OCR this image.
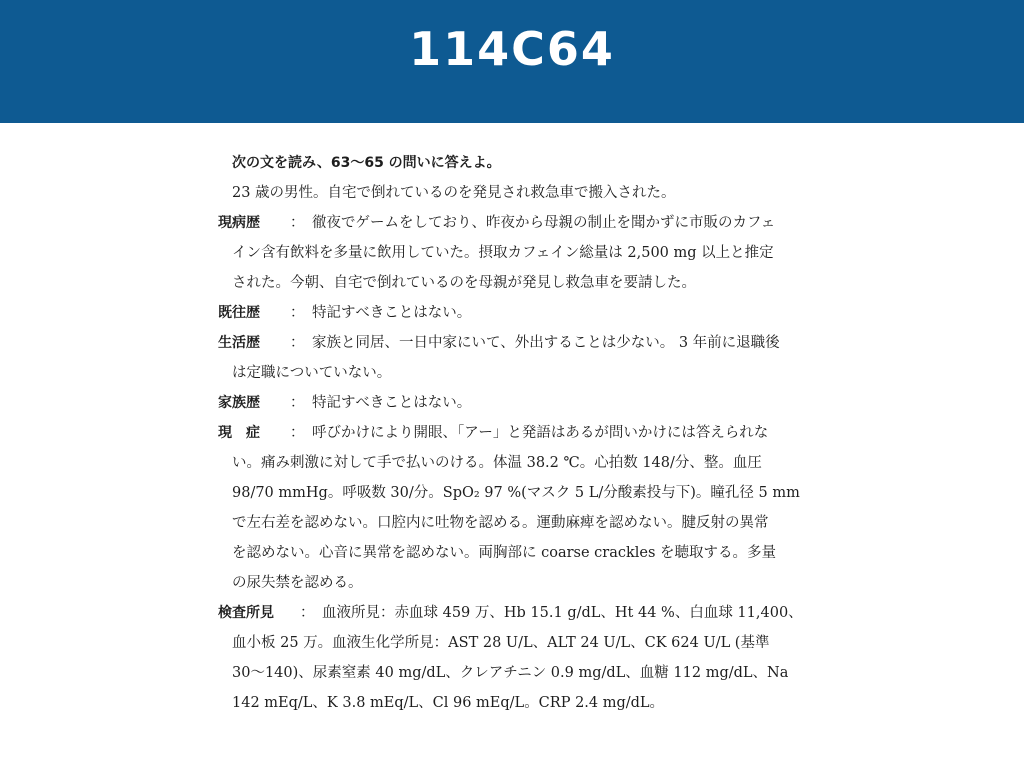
114C64
次の文を読み、63〜65 の問いに答えよ。
23 歳の男性。自宅で倒れているのを発見され救急車で搬入された。
現病歴	： 徹夜でゲームをしており、昨夜から母親の制止を聞かずに市販のカフェ
イン含有飲料を多量に飲用していた。摂取カフェイン総量は 2,500 mg 以上と推定
された。今朝、自宅で倒れているのを母親が発見し救急車を要請した。
既往歴	： 特記すべきことはない。
生活歴	： 家族と同居、一日中家にいて、外出することは少ない。 3 年前に退職後
は定職についていない。
家族歴	： 特記すべきことはない。
現　症	： 呼びかけにより開眼、「アー」と発語はあるが問いかけには答えられな
い。痛み刺激に対して手で払いのける。体温 38.2 ℃。心拍数 148/分、整。血圧
98/70 mmHg。呼吸数 30/分。SpO₂ 97 %(マスク 5 L/分酸素投与下)。瞳孔径 5 mm
で左右差を認めない。口腔内に吐物を認める。運動麻痺を認めない。腱反射の異常
を認めない。心音に異常を認めない。両胸部に coarse crackles を聴取する。多量
の尿失禁を認める。
検査所見	： 血液所見：赤血球 459 万、Hb 15.1 g/dL、Ht 44 %、白血球 11,400、
血小板 25 万。血液生化学所見：AST 28 U/L、ALT 24 U/L、CK 624 U/L (基準
30〜140)、尿素窒素 40 mg/dL、クレアチニン 0.9 mg/dL、血糖 112 mg/dL、Na
142 mEq/L、K 3.8 mEq/L、Cl 96 mEq/L。CRP 2.4 mg/dL。
